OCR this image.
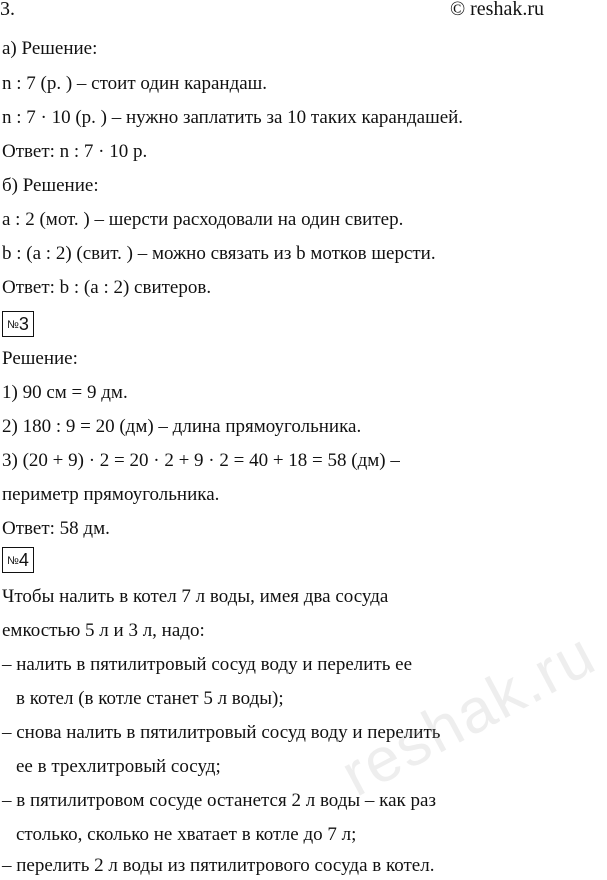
3.	© reshak.ru
а) Решение:
n : 7 (р. ) – стоит один карандаш.
n : 7 · 10 (р. ) – нужно заплатить за 10 таких карандашей.
Ответ: n : 7 · 10 р.
б) Решение:
a : 2 (мот. ) – шерсти расходовали на один свитер.
b : (a : 2) (свит. ) – можно связать из b мотков шерсти.
Ответ: b : (a : 2) свитеров.
№3
Решение:
1) 90 см = 9 дм.
2) 180 : 9 = 20 (дм) – длина прямоугольника.
3) (20 + 9) · 2 = 20 · 2 + 9 · 2 = 40 + 18 = 58 (дм) –
периметр прямоугольника.
Ответ: 58 дм.
№4
Чтобы налить в котел 7 л воды, имея два сосуда
емкостью 5 л и 3 л, надо:
– налить в пятилитровый сосуд воду и перелить ее
в котел (в котле станет 5 л воды);
– снова налить в пятилитровый сосуд воду и перелить
ее в трехлитровый сосуд;
– в пятилитровом сосуде останется 2 л воды – как раз
столько, сколько не хватает в котле до 7 л;
– перелить 2 л воды из пятилитрового сосуда в котел.
reshak.ru
